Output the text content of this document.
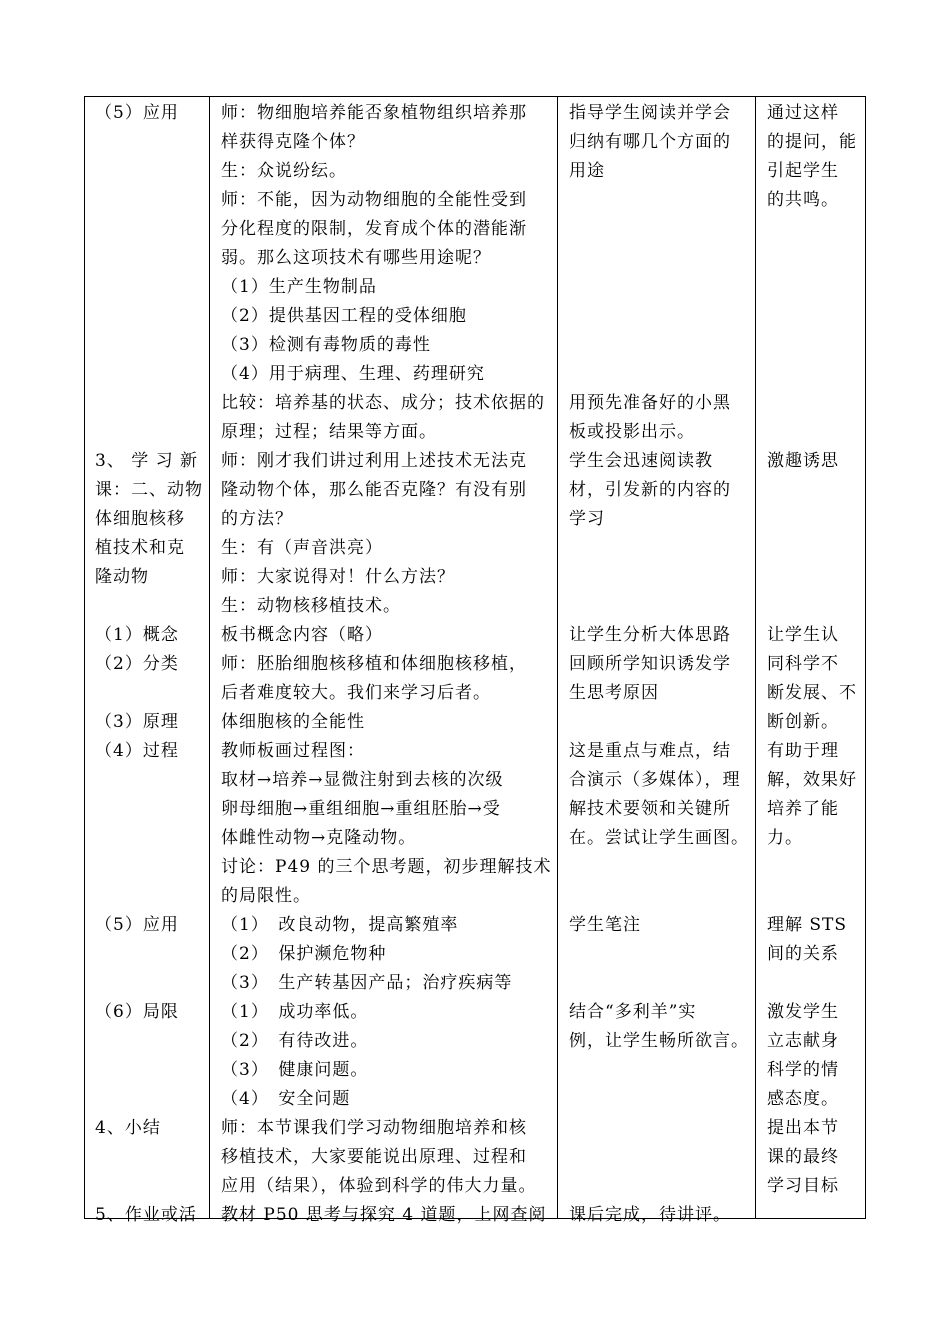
（5）应用
3、 学 习 新
课：二、动物
体细胞核移
植技术和克
隆动物
（1）概念
（2）分类
（3）原理
（4）过程
（5）应用
（6）局限
4、小结
5、作业或活
师：物细胞培养能否象植物组织培养那
样获得克隆个体？
生：众说纷纭。
师：不能，因为动物细胞的全能性受到
分化程度的限制，发育成个体的潜能渐
弱。那么这项技术有哪些用途呢？
（1）生产生物制品
（2）提供基因工程的受体细胞
（3）检测有毒物质的毒性
（4）用于病理、生理、药理研究
比较：培养基的状态、成分；技术依据的
原理；过程；结果等方面。
师：刚才我们讲过利用上述技术无法克
隆动物个体，那么能否克隆？有没有别
的方法？
生：有（声音洪亮）
师：大家说得对！什么方法？
生：动物核移植技术。
板书概念内容（略）
师：胚胎细胞核移植和体细胞核移植，
后者难度较大。我们来学习后者。
体细胞核的全能性
教师板画过程图：
取材→培养→显微注射到去核的次级
卵母细胞→重组细胞→重组胚胎→受
体雌性动物→克隆动物。
讨论：P49 的三个思考题，初步理解技术
的局限性。
（1）　改良动物，提高繁殖率
（2）　保护濒危物种
（3）　生产转基因产品；治疗疾病等
（1）　成功率低。
（2）　有待改进。
（3）　健康问题。
（4）　安全问题
师：本节课我们学习动物细胞培养和核
移植技术，大家要能说出原理、过程和
应用（结果），体验到科学的伟大力量。
教材 P50 思考与探究 4 道题，上网查阅
指导学生阅读并学会
归纳有哪几个方面的
用途
用预先准备好的小黑
板或投影出示。
学生会迅速阅读教
材，引发新的内容的
学习
让学生分析大体思路
回顾所学知识诱发学
生思考原因
这是重点与难点，结
合演示（多媒体），理
解技术要领和关键所
在。尝试让学生画图。
学生笔注
结合“多利羊”实
例，让学生畅所欲言。
课后完成，待讲评。
通过这样
的提问，能
引起学生
的共鸣。
激趣诱思
让学生认
同科学不
断发展、不
断创新。
有助于理
解，效果好
培养了能
力。
理解 STS
间的关系
激发学生
立志献身
科学的情
感态度。
提出本节
课的最终
学习目标
